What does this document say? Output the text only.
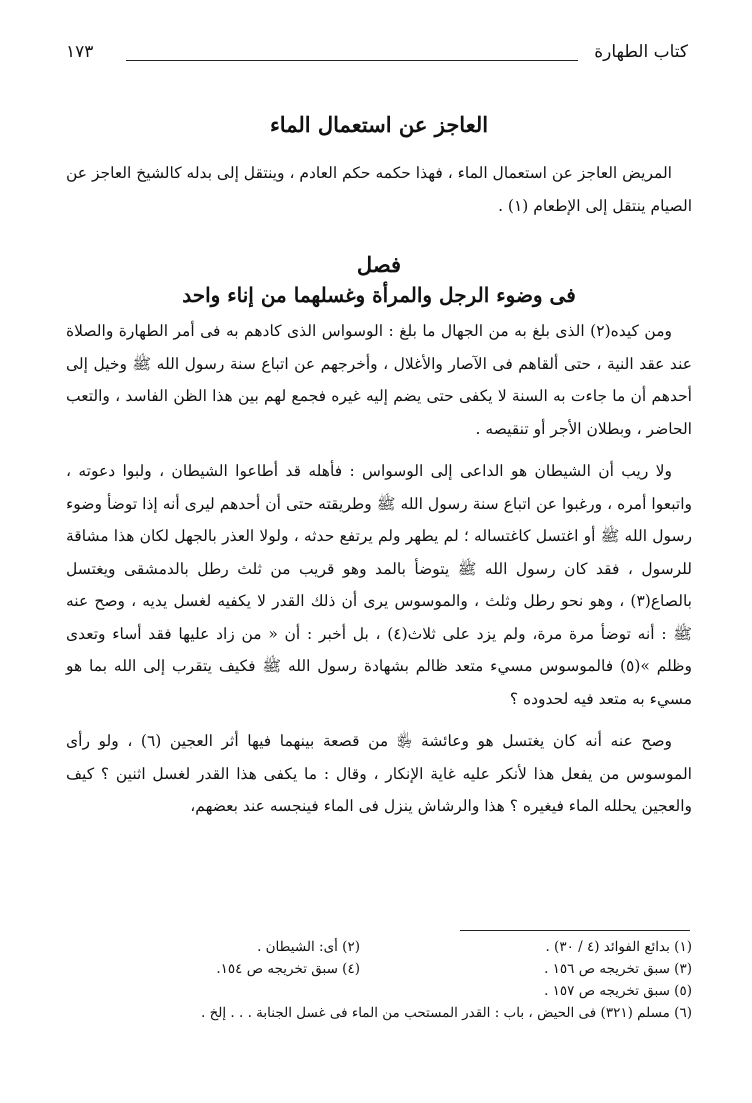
كتاب الطهارة
١٧٣
العاجز عن استعمال الماء

المريض العاجز عن استعمال الماء ، فهذا حكمه حكم العادم ، وينتقل إلى بدله كالشيخ العاجز عن الصيام ينتقل إلى الإطعام (١) .

فصل
فى وضوء الرجل والمرأة وغسلهما من إناء واحد

ومن كيده(٢) الذى بلغ به من الجهال ما بلغ : الوسواس الذى كادهم به فى أمر الطهارة والصلاة عند عقد النية ، حتى ألقاهم فى الآصار والأغلال ، وأخرجهم عن اتباع سنة رسول الله ﷺ وخيل إلى أحدهم أن ما جاءت به السنة لا يكفى حتى يضم إليه غيره فجمع لهم بين هذا الظن الفاسد ، والتعب الحاضر ، وبطلان الأجر أو تنقيصه .

ولا ريب أن الشيطان هو الداعى إلى الوسواس : فأهله قد أطاعوا الشيطان ، ولبوا دعوته ، واتبعوا أمره ، ورغبوا عن اتباع سنة رسول الله ﷺ وطريقته حتى أن أحدهم ليرى أنه إذا توضأ وضوء رسول الله ﷺ أو اغتسل كاغتساله ؛ لم يطهر ولم يرتفع حدثه ، ولولا العذر بالجهل لكان هذا مشاقة للرسول ، فقد كان رسول الله ﷺ يتوضأ بالمد وهو قريب من ثلث رطل بالدمشقى ويغتسل بالصاع(٣) ، وهو نحو رطل وثلث ، والموسوس يرى أن ذلك القدر لا يكفيه لغسل يديه ، وصح عنه ﷺ : أنه توضأ مرة مرة، ولم يزد على ثلاث(٤) ، بل أخبر : أن « من زاد عليها فقد أساء وتعدى وظلم »(٥) فالموسوس مسيء متعد ظالم بشهادة رسول الله ﷺ فكيف يتقرب إلى الله بما هو مسيء به متعد فيه لحدوده ؟

وصح عنه أنه كان يغتسل هو وعائشة ﵂ من قصعة بينهما فيها أثر العجين (٦) ، ولو رأى الموسوس من يفعل هذا لأنكر عليه غاية الإنكار ، وقال : ما يكفى هذا القدر لغسل اثنين ؟ كيف والعجين يحلله الماء فيغيره ؟ هذا والرشاش ينزل فى الماء فينجسه عند بعضهم،

(١) بدائع الفوائد (٤ / ٣٠) .
(٢) أى: الشيطان .
(٣) سبق تخريجه ص ١٥٦ .
(٤) سبق تخريجه ص ١٥٤.
(٥) سبق تخريجه ص ١٥٧ .
(٦) مسلم (٣٢١) فى الحيض ، باب : القدر المستحب من الماء فى غسل الجنابة . . . إلخ .
